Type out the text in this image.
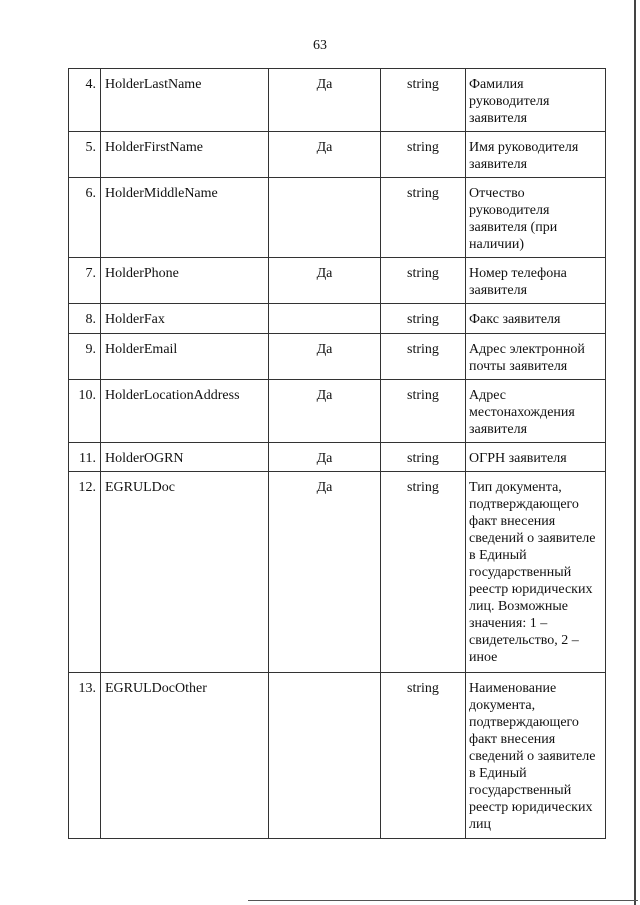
63
4.	HolderLastName	Да	string	Фамилия руководителя заявителя
5.	HolderFirstName	Да	string	Имя руководителя заявителя
6.	HolderMiddleName		string	Отчество руководителя заявителя (при наличии)
7.	HolderPhone	Да	string	Номер телефона заявителя
8.	HolderFax		string	Факс заявителя
9.	HolderEmail	Да	string	Адрес электронной почты заявителя
10.	HolderLocationAddress	Да	string	Адрес местонахождения заявителя
11.	HolderOGRN	Да	string	ОГРН заявителя
12.	EGRULDoc	Да	string	Тип документа, подтверждающего факт внесения сведений о заявителе в Единый государственный реестр юридических лиц. Возможные значения: 1 – свидетельство, 2 – иное
13.	EGRULDocOther		string	Наименование документа, подтверждающего факт внесения сведений о заявителе в Единый государственный реестр юридических лиц
